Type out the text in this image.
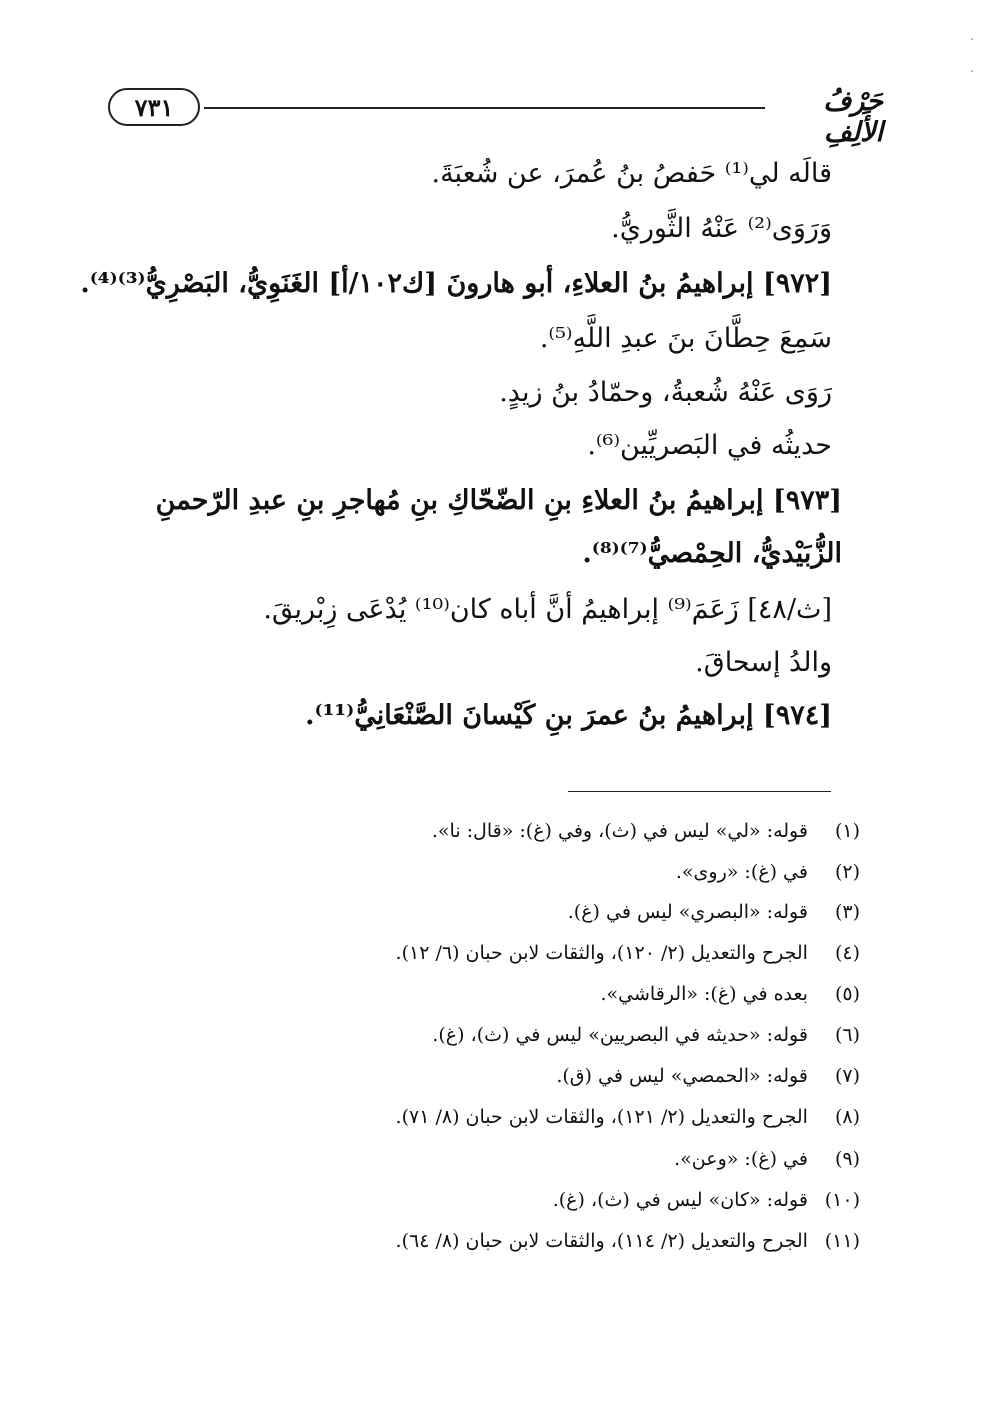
٧٣١	حَرْفُ الأَلِفِ
قالَه لي⁽¹⁾ حَفصُ بنُ عُمرَ، عن شُعبَةَ.
وَرَوَى⁽²⁾ عَنْهُ الثَّوريُّ.
[٩٧٢] إبراهيمُ بنُ العلاءِ، أبو هارونَ [ك١٠٢/أ] الغَنَوِيُّ، البَصْرِيُّ⁽³⁾⁽⁴⁾.
سَمِعَ حِطَّانَ بنَ عبدِ اللَّهِ⁽⁵⁾.
رَوَى عَنْهُ شُعبةُ، وحمّادُ بنُ زيدٍ.
حديثُه في البَصريِّين⁽⁶⁾.
[٩٧٣] إبراهيمُ بنُ العلاءِ بنِ الضّحّاكِ بنِ مُهاجرِ بنِ عبدِ الرّحمنِ
الزُّبَيْديُّ، الحِمْصيُّ⁽⁷⁾⁽⁸⁾.
[ث/٤٨] زَعَمَ⁽⁹⁾ إبراهيمُ أنَّ أباه كان⁽¹⁰⁾ يُدْعَى زِبْريقَ.
والدُ إسحاقَ.
[٩٧٤] إبراهيمُ بنُ عمرَ بنِ كَيْسانَ الصَّنْعَانِيُّ⁽¹¹⁾.
(١) قوله: «لي» ليس في (ث)، وفي (غ): «قال: نا».
(٢) في (غ): «روى».
(٣) قوله: «البصري» ليس في (غ).
(٤) الجرح والتعديل (٢/ ١٢٠)، والثقات لابن حبان (٦/ ١٢).
(٥) بعده في (غ): «الرقاشي».
(٦) قوله: «حديثه في البصريين» ليس في (ث)، (غ).
(٧) قوله: «الحمصي» ليس في (ق).
(٨) الجرح والتعديل (٢/ ١٢١)، والثقات لابن حبان (٨/ ٧١).
(٩) في (غ): «وعن».
(١٠) قوله: «كان» ليس في (ث)، (غ).
(١١) الجرح والتعديل (٢/ ١١٤)، والثقات لابن حبان (٨/ ٦٤).
